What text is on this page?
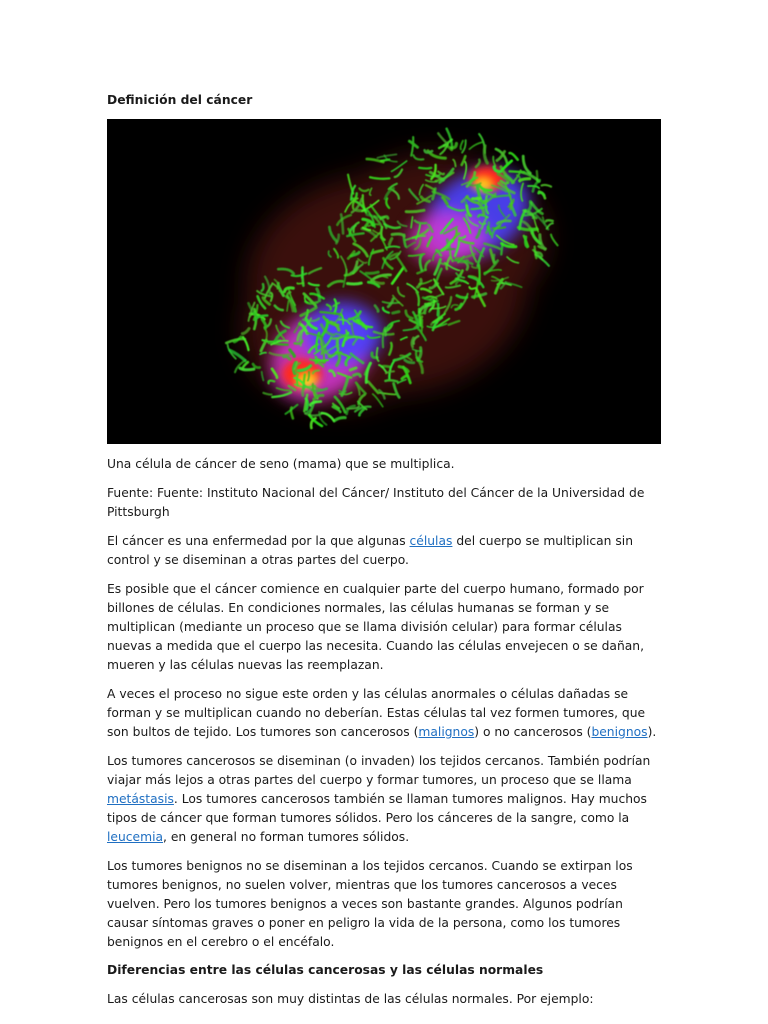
Definición del cáncer

Una célula de cáncer de seno (mama) que se multiplica.

Fuente: Fuente: Instituto Nacional del Cáncer/ Instituto del Cáncer de la Universidad de Pittsburgh

El cáncer es una enfermedad por la que algunas células del cuerpo se multiplican sin control y se diseminan a otras partes del cuerpo.

Es posible que el cáncer comience en cualquier parte del cuerpo humano, formado por billones de células. En condiciones normales, las células humanas se forman y se multiplican (mediante un proceso que se llama división celular) para formar células nuevas a medida que el cuerpo las necesita. Cuando las células envejecen o se dañan, mueren y las células nuevas las reemplazan.

A veces el proceso no sigue este orden y las células anormales o células dañadas se forman y se multiplican cuando no deberían. Estas células tal vez formen tumores, que son bultos de tejido. Los tumores son cancerosos (malignos) o no cancerosos (benignos).

Los tumores cancerosos se diseminan (o invaden) los tejidos cercanos. También podrían viajar más lejos a otras partes del cuerpo y formar tumores, un proceso que se llama metástasis. Los tumores cancerosos también se llaman tumores malignos. Hay muchos tipos de cáncer que forman tumores sólidos. Pero los cánceres de la sangre, como la leucemia, en general no forman tumores sólidos.

Los tumores benignos no se diseminan a los tejidos cercanos. Cuando se extirpan los tumores benignos, no suelen volver, mientras que los tumores cancerosos a veces vuelven. Pero los tumores benignos a veces son bastante grandes. Algunos podrían causar síntomas graves o poner en peligro la vida de la persona, como los tumores benignos en el cerebro o el encéfalo.

Diferencias entre las células cancerosas y las células normales

Las células cancerosas son muy distintas de las células normales. Por ejemplo:
